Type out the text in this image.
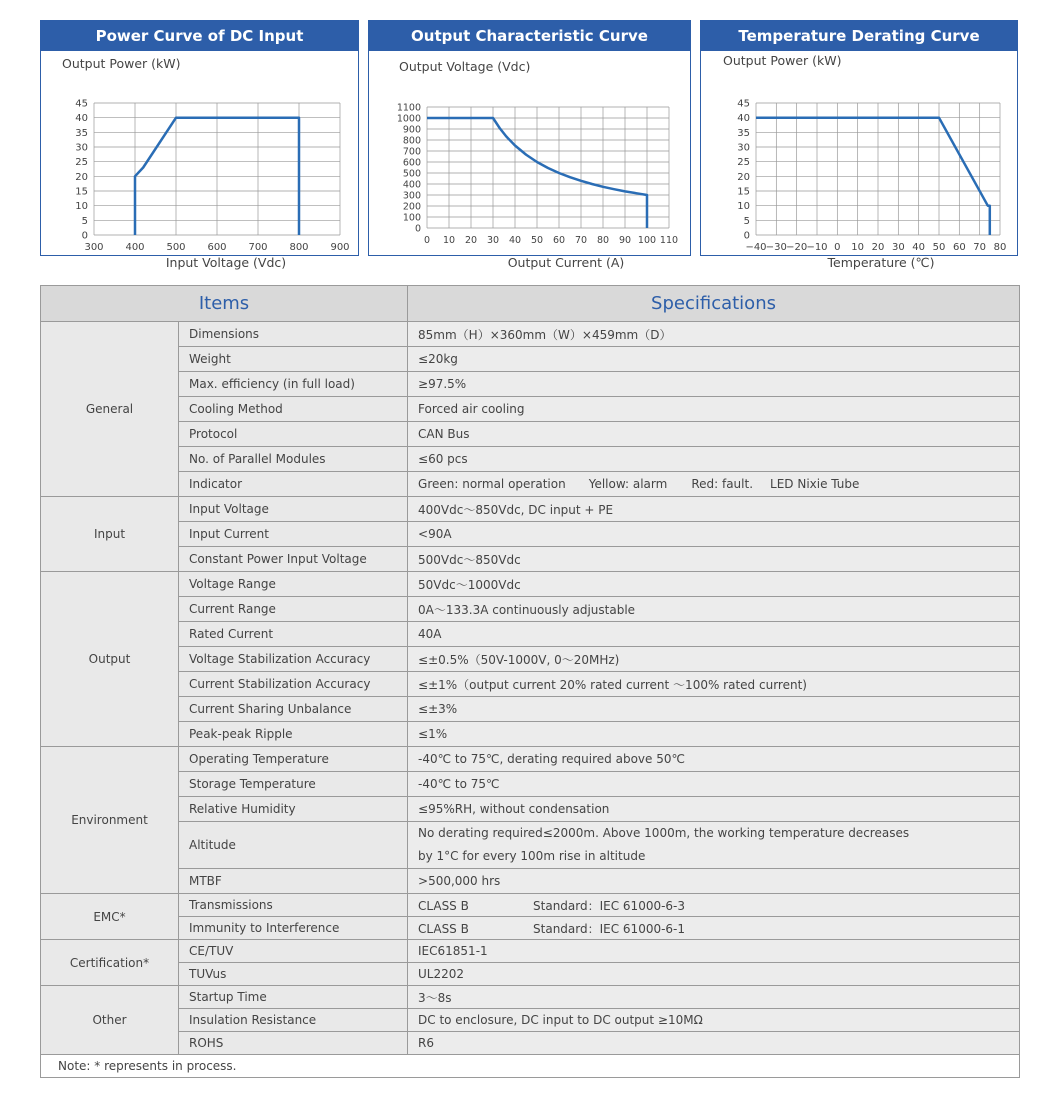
Power Curve of DC Input
300 400 500 600 700 800 900
0
5
10
15
20
25
30
35
40
45
Output Power (kW)
Input Voltage (Vdc)
Output Characteristic Curve
0 10 20 30 40 50 60 70 80 90 100 110
0
100
200
300
400
500
600
700
800
900
1000
1100
Output Voltage (Vdc)
Output Current (A)
Temperature Derating Curve
−40 −30 −20 −10 0 10 20 30 40 50 60 70 80
0
5
10
15
20
25
30
35
40
45
Output Power (kW)
Temperature (℃)
Items		Specifications
General	Dimensions	85mm（H）×360mm（W）×459mm（D）
	Weight	≤20kg
	Max. efficiency (in full load)	≥97.5%
	Cooling Method	Forced air cooling
	Protocol	CAN Bus
	No. of Parallel Modules	≤60 pcs
	Indicator	Green: normal operation Yellow: alarm Red: fault. LED Nixie Tube
Input	Input Voltage	400Vdc～850Vdc, DC input + PE
	Input Current	<90A
	Constant Power Input Voltage	500Vdc～850Vdc
Output	Voltage Range	50Vdc～1000Vdc
	Current Range	0A～133.3A continuously adjustable
	Rated Current	40A
	Voltage Stabilization Accuracy	≤±0.5%（50V-1000V, 0～20MHz)
	Current Stabilization Accuracy	≤±1%（output current 20% rated current ～100% rated current)
	Current Sharing Unbalance	≤±3%
	Peak-peak Ripple	≤1%
Environment	Operating Temperature	-40℃ to 75℃, derating required above 50℃
	Storage Temperature	-40℃ to 75℃
	Relative Humidity	≤95%RH, without condensation
	Altitude	No derating required≤2000m. Above 1000m, the working temperature decreases
by 1°C for every 100m rise in altitude

	MTBF	>500,000 hrs
EMC*	Transmissions	CLASS B Standard：IEC 61000-6-3
	Immunity to Interference	CLASS B Standard：IEC 61000-6-1
Certification*	CE/TUV	IEC61851-1
	TUVus	UL2202
Other	Startup Time	3～8s
	Insulation Resistance	DC to enclosure, DC input to DC output ≥10MΩ
	ROHS	R6
Note: * represents in process.		
